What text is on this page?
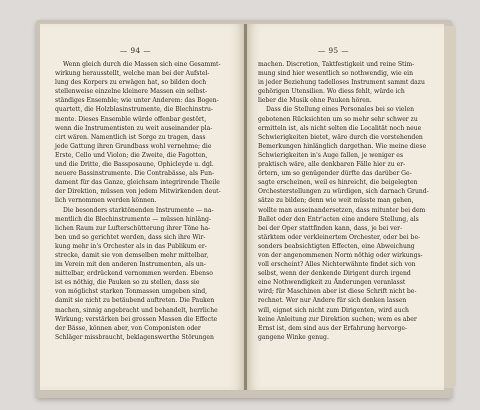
— 94 —	— 95 —
Wenn gleich durch die Massen sich eine Gesammt-
wirkung herausstellt, welche man bei der Aufstel-
lung des Korpers zu erwägen hat, so bilden doch
stellenweise einzelne kleinere Massen ein selbst-
ständiges Ensemble; wie unter Anderem: das Bogen-
quartett, die Holzblasinstrumente, die Blechinstru-
mente. Dieses Ensemble würde offenbar gestört,
wenn die Instrumentisten zu weit auseinander pla-
cirt wären. Namentlich ist Sorge zu tragen, dass
jede Gattung ihren Grundbass wohl vernehme; die
Erste, Cello und Violon; die Zweite, die Fagotten,
und die Dritte, die Bassposaune, Ophicleyde u. dgl.
neuere Bassinstrumente. Die Contrabässe, als Fun-
dament für das Ganze, gleichsam integrirende Theile
der Direktion, müssen von jedem Mitwirkenden deut-
lich vernommen werden können.
Die besonders starktönenden Instrumente — na-
mentlich die Blechinstrumente — müssen hinläng-
lichen Raum zur Lufterschütterung ihrer Töne ha-
ben und so gerichtet werden, dass sich ihre Wir-
kung mehr in's Orchester als in das Publikum er-
strecke, damit sie von demselben mehr mittelbar,
im Verein mit den anderen Instrumenten, als un-
mittelbar, erdrückend vernommen werden. Ebenso
ist es nöthig, die Pauken so zu stellen, dass sie
von möglichst starken Tonmassen umgeben sind,
damit sie nicht zu betäubend auftreten. Die Pauken
machen, sinnig angebracht und behandelt, herrliche
Wirkung; verstärken bei grossen Massen die Effecte
der Bässe, können aber, von Componisten oder
Schläger missbraucht, beklagenswerthe Störungen
machen. Discretion, Taktfestigkeit und reine Stim-
mung sind hier wesentlich so nothwendig, wie ein
in jeder Beziehung tadelloses Instrument sammt dazu
gehörigen Utensilien. Wo diess fehlt, würde ich
lieber die Musik ohne Pauken hören.
Dass die Stellung eines Personales bei so vielen
gebotenen Rücksichten um so mehr sehr schwer zu
ermitteln ist, als nicht selten die Localität noch neue
Schwierigkeiten bietet, wäre durch die vorstehenden
Bemerkungen hinlänglich dargethan. Wie meine diese
Schwierigkeiten in's Auge fallen, je weniger es
praktisch wäre, alle denkbaren Fälle hier zu er-
örtern, um so genügender dürfte das darüber Ge-
sagte erscheinen, weil es hinreicht, die beigelegten
Orchesterstellungen zu würdigen, sich darnach Grund-
sätze zu bilden; denn wie weit müsste man gehen,
wollte man auseinandersetzen, dass mitunter bei dem
Ballet oder den Entr'acten eine andere Stellung, als
bei der Oper stattfinden kann, dass, je bei ver-
stärktem oder verkleinertem Orchester, oder bei be-
sonders beabsichtigten Effecten, eine Abweichung
von der angenommenen Norm nöthig oder wirkungs-
voll erscheint? Alles Nichterwähnte findet sich von
selbst, wenn der denkende Dirigent durch irgend
eine Nothwendigkeit zu Änderungen veranlasst
wird; für Maschinen aber ist diese Schrift nicht be-
rechnet. Wer nur Andere für sich denken lassen
will, eignet sich nicht zum Dirigenten, wird auch
keine Anleitung zur Direktion suchen; wem es aber
Ernst ist, dem sind aus der Erfahrung hervorge-
gangene Winke genug.
